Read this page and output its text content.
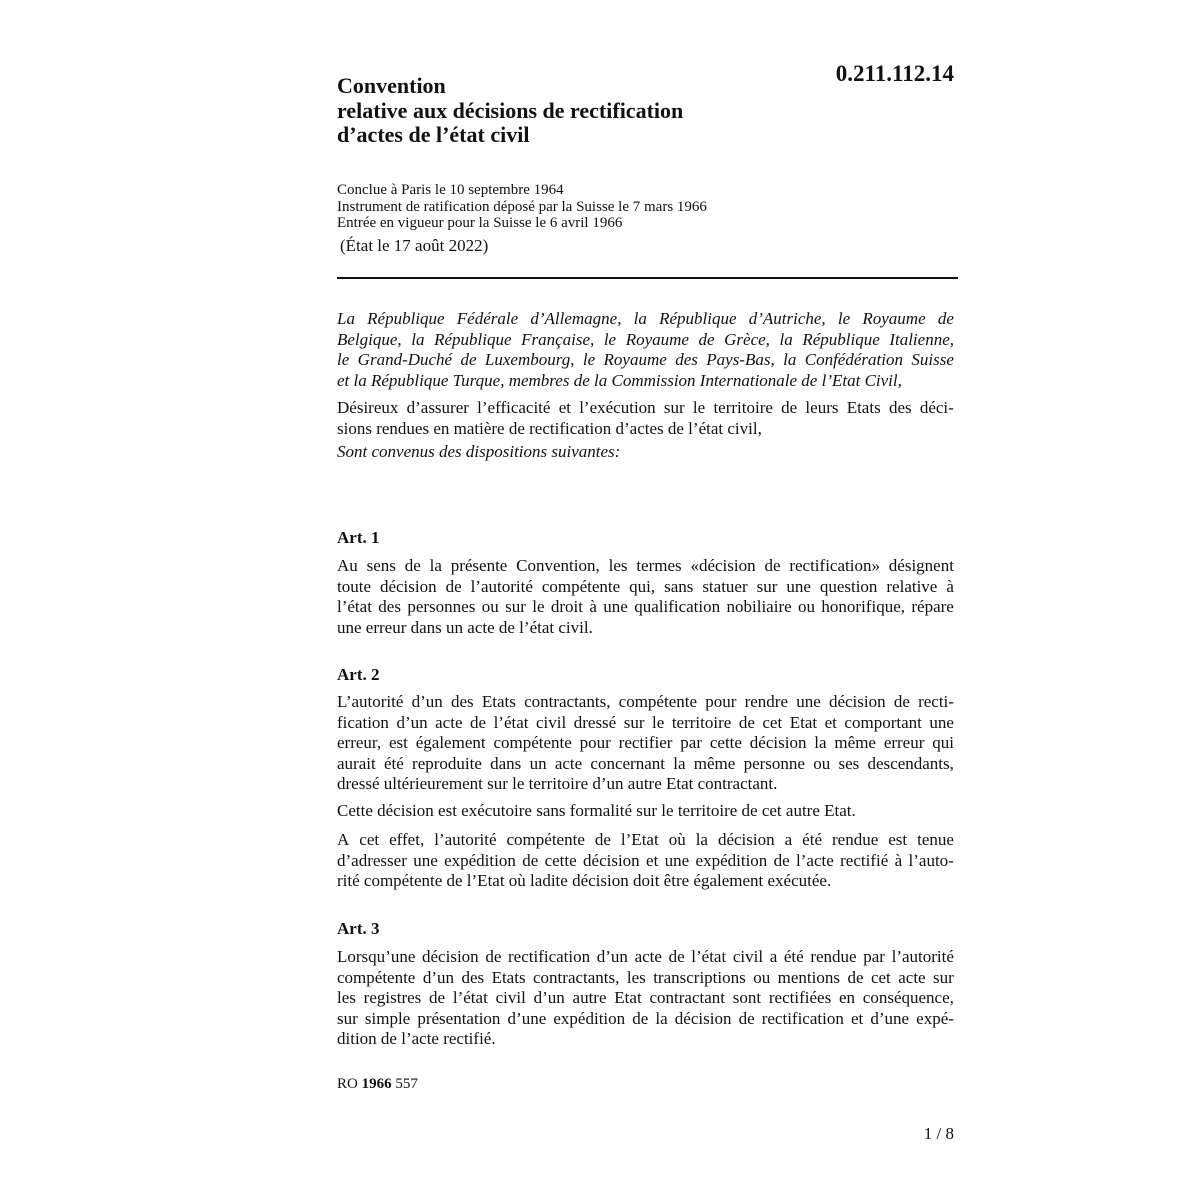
0.211.112.14
Convention
relative aux décisions de rectification
d’actes de l’état civil
Conclue à Paris le 10 septembre 1964
Instrument de ratification déposé par la Suisse le 7 mars 1966
Entrée en vigueur pour la Suisse le 6 avril 1966
(État le 17 août 2022)
La République Fédérale d’Allemagne, la République d’Autriche, le Royaume de
Belgique, la République Française, le Royaume de Grèce, la République Italienne,
le Grand-Duché de Luxembourg, le Royaume des Pays-Bas, la Confédération Suisse
et la République Turque, membres de la Commission Internationale de l’Etat Civil,
Désireux d’assurer l’efficacité et l’exécution sur le territoire de leurs Etats des déci-
sions rendues en matière de rectification d’actes de l’état civil,
Sont convenus des dispositions suivantes:
Art. 1
Au sens de la présente Convention, les termes «décision de rectification» désignent
toute décision de l’autorité compétente qui, sans statuer sur une question relative à
l’état des personnes ou sur le droit à une qualification nobiliaire ou honorifique, répare
une erreur dans un acte de l’état civil.
Art. 2
L’autorité d’un des Etats contractants, compétente pour rendre une décision de recti-
fication d’un acte de l’état civil dressé sur le territoire de cet Etat et comportant une
erreur, est également compétente pour rectifier par cette décision la même erreur qui
aurait été reproduite dans un acte concernant la même personne ou ses descendants,
dressé ultérieurement sur le territoire d’un autre Etat contractant.
Cette décision est exécutoire sans formalité sur le territoire de cet autre Etat.
A cet effet, l’autorité compétente de l’Etat où la décision a été rendue est tenue
d’adresser une expédition de cette décision et une expédition de l’acte rectifié à l’auto-
rité compétente de l’Etat où ladite décision doit être également exécutée.
Art. 3
Lorsqu’une décision de rectification d’un acte de l’état civil a été rendue par l’autorité
compétente d’un des Etats contractants, les transcriptions ou mentions de cet acte sur
les registres de l’état civil d’un autre Etat contractant sont rectifiées en conséquence,
sur simple présentation d’une expédition de la décision de rectification et d’une expé-
dition de l’acte rectifié.
RO 1966 557
1 / 8
